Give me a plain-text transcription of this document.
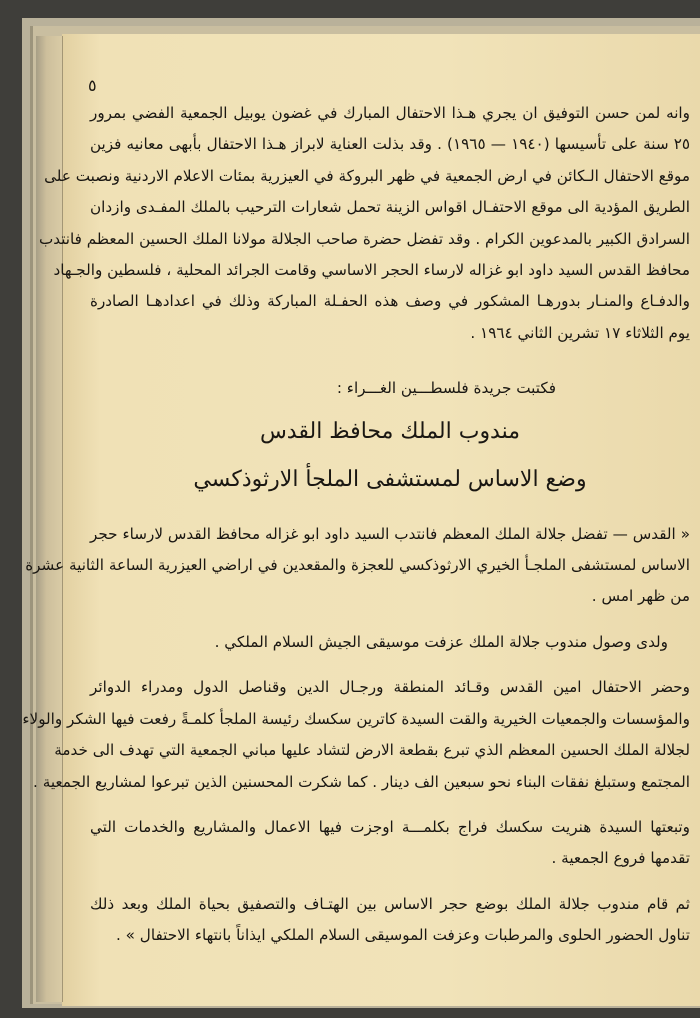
٥
وانه لمن حسن التوفيق ان يجري هـذا الاحتفال المبارك في غضون يوبيل الجمعية الفضي بمرور
٢٥ سنة على تأسيسها (١٩٤٠ — ١٩٦٥) . وقد بذلت العناية لابراز هـذا الاحتفال بأبهى معانيه فزين
موقع الاحتفال الـكائن في ارض الجمعية في ظهر البروكة في العيزرية بمئات الاعلام الاردنية ونصبت على
الطريق المؤدية الى موقع الاحتفـال اقواس الزينة تحمل شعارات الترحيب بالملك المفـدى وازدان
السرادق الكبير بالمدعوين الكرام . وقد تفضل حضرة صاحب الجلالة مولانا الملك الحسين المعظم فانتدب
محافظ القدس السيد داود ابو غزاله لارساء الحجر الاساسي وقامت الجرائد المحلية ، فلسطين والجـهاد
والدفـاع والمنـار بدورهـا المشكور في وصف هذه الحفـلة المباركة وذلك في اعدادهـا الصادرة
يوم الثلاثاء ١٧ تشرين الثاني ١٩٦٤ .
فكتبت جريدة فلسطـــين الغـــراء :
مندوب الملك محافظ القدس
وضع الاساس لمستشفى الملجأ الارثوذكسي
« القدس — تفضل جلالة الملك المعظم فانتدب السيد داود ابو غزاله محافظ القدس لارساء حجر
الاساس لمستشفى الملجـأ الخيري الارثوذكسي للعجزة والمقعدين في اراضي العيزرية الساعة الثانية عشرة
من ظهر امس .
ولدى وصول مندوب جلالة الملك عزفت موسيقى الجيش السلام الملكي .
وحضر الاحتفال امين القدس وقـائد المنطقة ورجـال الدين وقناصل الدول ومدراء الدوائر
والمؤسسات والجمعيات الخيرية والقت السيدة كاترين سكسك رئيسة الملجأ كلمـةً رفعت فيها الشكر والولاء
لجلالة الملك الحسين المعظم الذي تبرع بقطعة الارض لتشاد عليها مباني الجمعية التي تهدف الى خدمة
المجتمع وستبلغ نفقات البناء نحو سبعين الف دينار . كما شكرت المحسنين الذين تبرعوا لمشاريع الجمعية .
وتبعتها السيدة هنريت سكسك فراج بكلمـــة اوجزت فيها الاعمال والمشاريع والخدمات التي
تقدمها فروع الجمعية .
ثم قام مندوب جلالة الملك بوضع حجر الاساس بين الهتـاف والتصفيق بحياة الملك وبعد ذلك
تناول الحضور الحلوى والمرطبات وعزفت الموسيقى السلام الملكي ايذاناً بانتهاء الاحتفال » .
